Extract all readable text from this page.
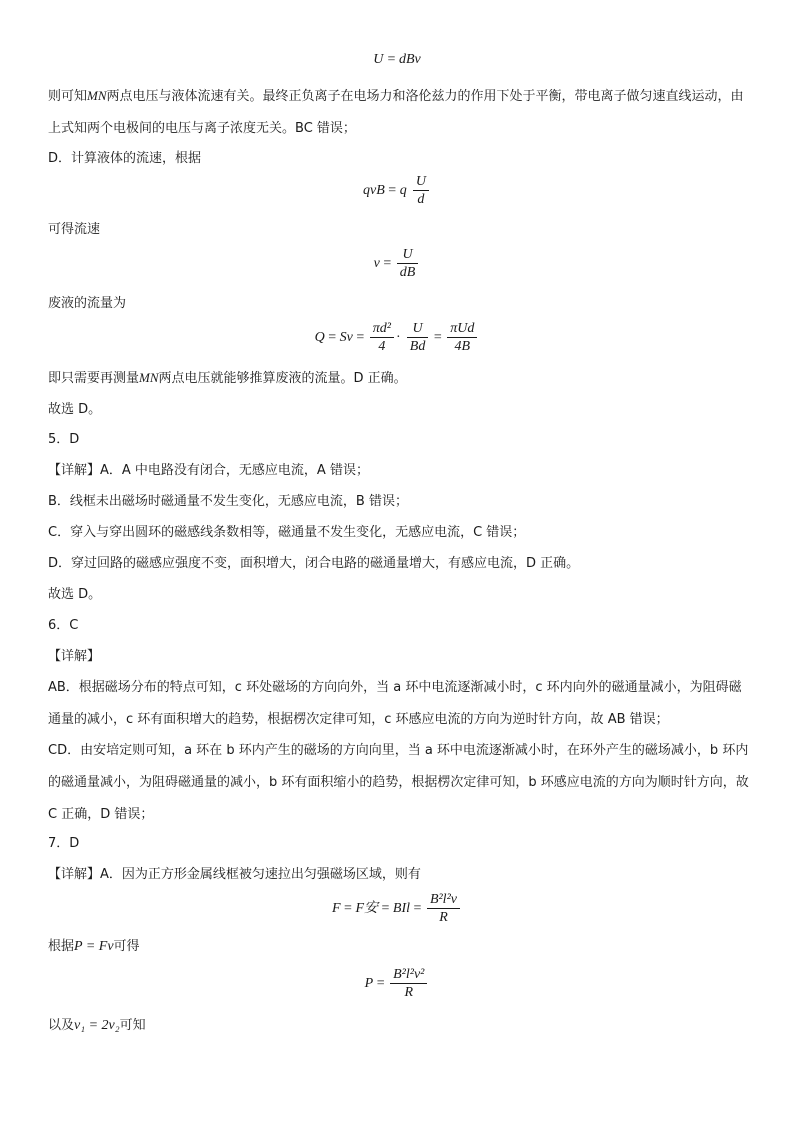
U = dBv
则可知MN两点电压与液体流速有关。最终正负离子在电场力和洛伦兹力的作用下处于平衡，带电离子做匀速直线运动，由上式知两个电极间的电压与离子浓度无关。BC 错误；
D．计算液体的流速，根据
qvB = q $\frac{U}{d}$
可得流速
$v = \frac{U}{dB}$
废液的流量为
$Q = Sv = \frac{\text{πd²}}{4} \cdot \frac{U}{Bd} = \frac{\text{πUd}}{4B}$
即只需要再测量MN两点电压就能够推算废液的流量。D 正确。
故选 D。
5．D
【详解】A．A 中电路没有闭合，无感应电流，A 错误；
B．线框未出磁场时磁通量不发生变化，无感应电流，B 错误；
C．穿入与穿出圆环的磁感线条数相等，磁通量不发生变化，无感应电流，C 错误；
D．穿过回路的磁感应强度不变，面积增大，闭合电路的磁通量增大，有感应电流，D 正确。
故选 D。
6．C
【详解】
AB．根据磁场分布的特点可知，c 环处磁场的方向向外，当 a 环中电流逐渐减小时，c 环内向外的磁通量减小，为阻碍磁通量的减小，c 环有面积增大的趋势，根据楞次定律可知，c 环感应电流的方向为逆时针方向，故 AB 错误；
CD．由安培定则可知，a 环在 b 环内产生的磁场的方向向里，当 a 环中电流逐渐减小时，在环外产生的磁场减小，b 环内的磁通量减小，为阻碍磁通量的减小，b 环有面积缩小的趋势，根据楞次定律可知，b 环感应电流的方向为顺时针方向，故 C 正确，D 错误；
7．D
【详解】A．因为正方形金属线框被匀速拉出匀强磁场区域，则有
F = F安 = BIl = $\frac{\text{B²l²v}}{R}$
根据P = Fv可得
$P = \frac{\text{B²l²v²}}{R}$
以及v₁ = 2v₂可知
